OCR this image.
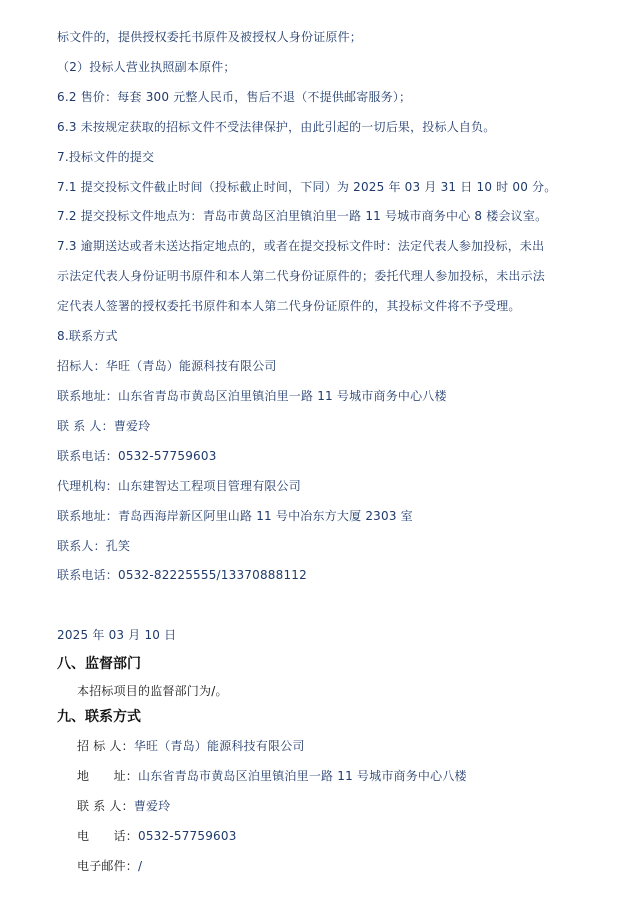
标文件的，提供授权委托书原件及被授权人身份证原件；
（2）投标人营业执照副本原件；
6.2 售价：每套 300 元整人民币，售后不退（不提供邮寄服务）；
6.3 未按规定获取的招标文件不受法律保护，由此引起的一切后果，投标人自负。
7.投标文件的提交
7.1 提交投标文件截止时间（投标截止时间，下同）为 2025 年 03 月 31 日 10 时 00 分。
7.2 提交投标文件地点为：青岛市黄岛区泊里镇泊里一路 11 号城市商务中心 8 楼会议室。
7.3 逾期送达或者未送达指定地点的，或者在提交投标文件时：法定代表人参加投标，未出
示法定代表人身份证明书原件和本人第二代身份证原件的；委托代理人参加投标，未出示法
定代表人签署的授权委托书原件和本人第二代身份证原件的，其投标文件将不予受理。
8.联系方式
招标人：华旺（青岛）能源科技有限公司
联系地址：山东省青岛市黄岛区泊里镇泊里一路 11 号城市商务中心八楼
联 系 人：曹爱玲
联系电话：0532-57759603
代理机构：山东建智达工程项目管理有限公司
联系地址：青岛西海岸新区阿里山路 11 号中冶东方大厦 2303 室
联系人：孔笑
联系电话：0532-82225555/13370888112
2025 年 03 月 10 日
八、监督部门
本招标项目的监督部门为/。
九、联系方式
招 标 人：华旺（青岛）能源科技有限公司
地　　址：山东省青岛市黄岛区泊里镇泊里一路 11 号城市商务中心八楼
联 系 人：曹爱玲
电　　话：0532-57759603
电子邮件：/
